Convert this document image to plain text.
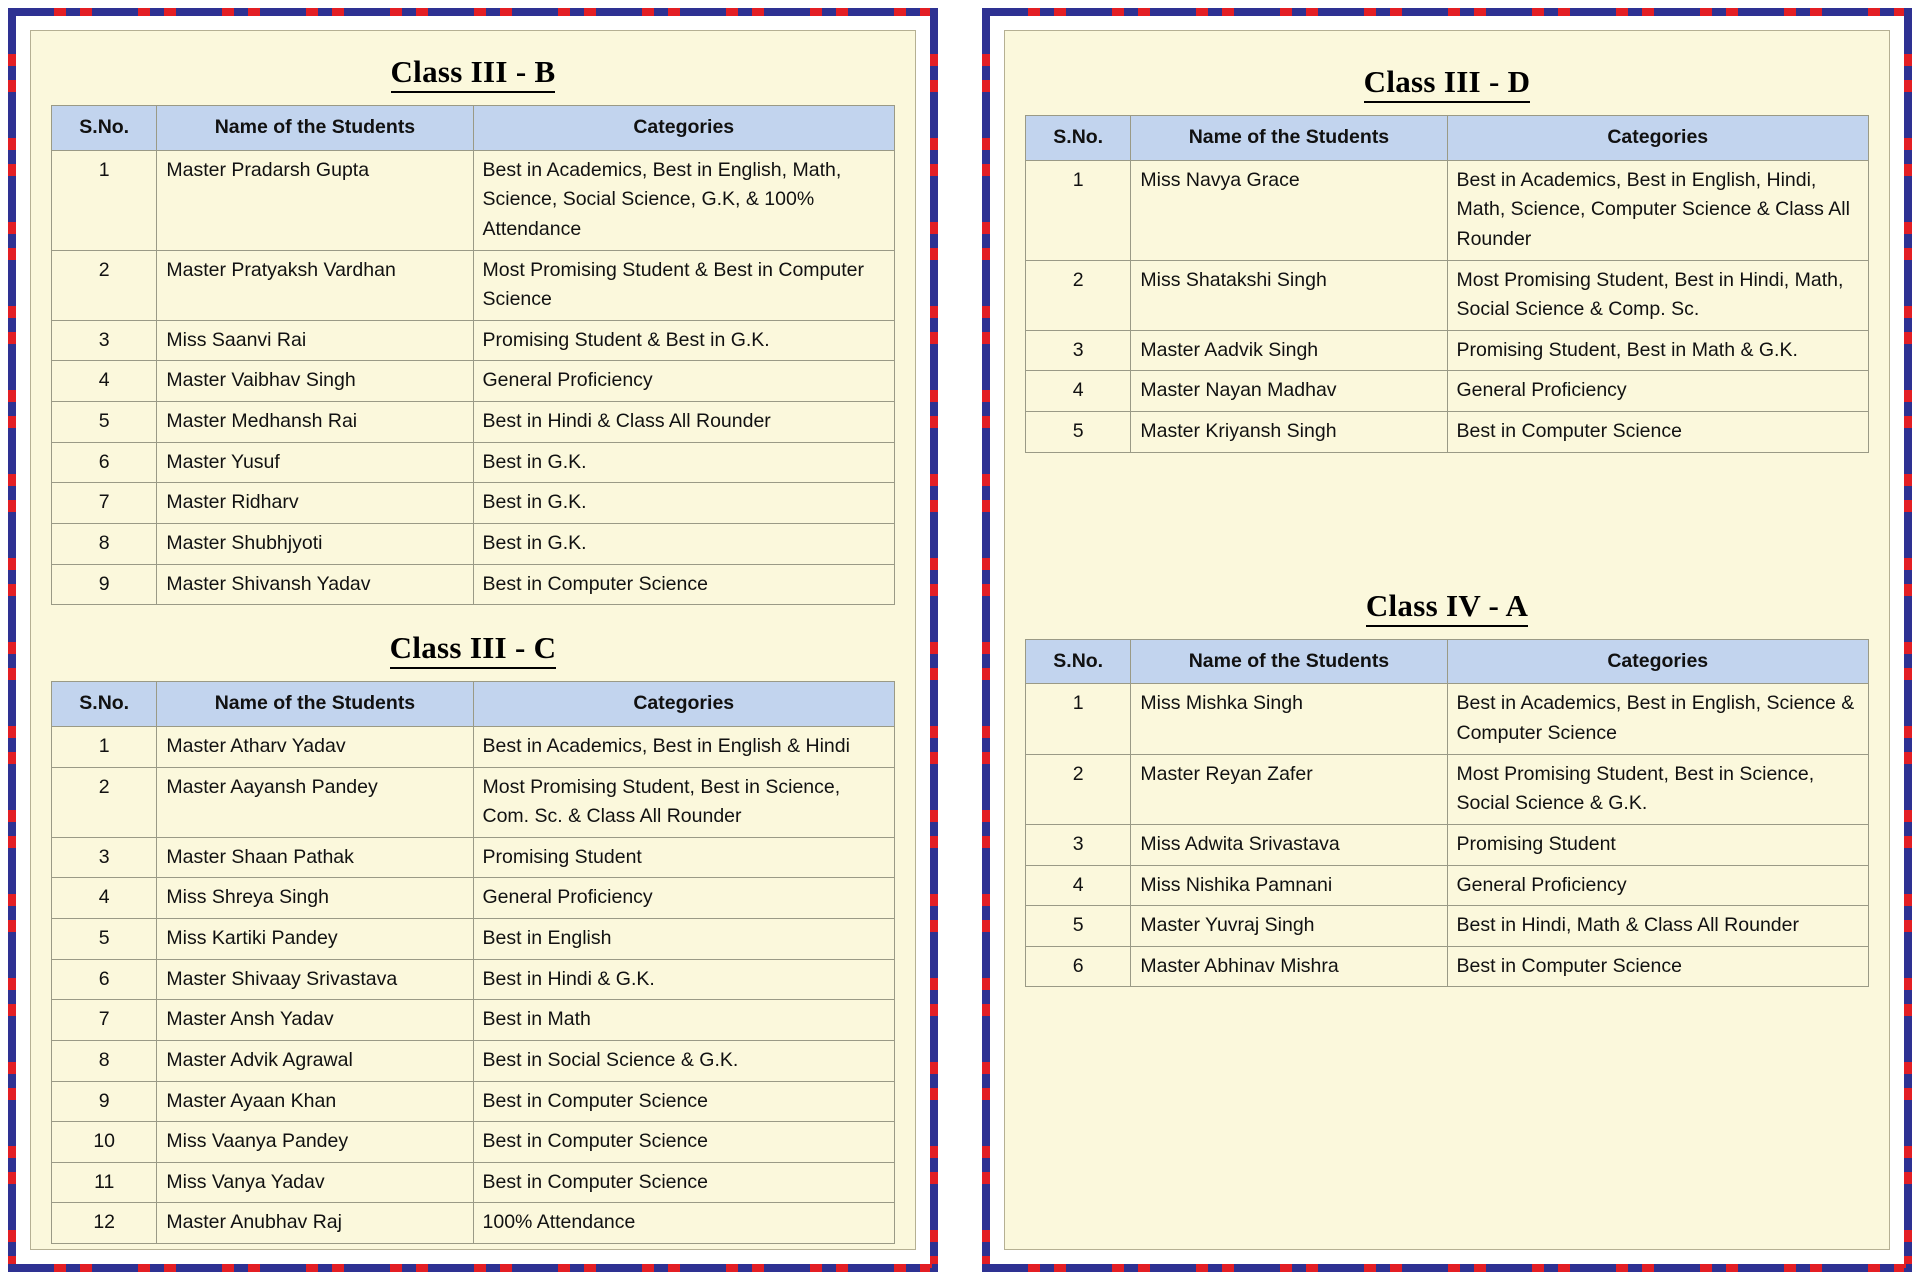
Class III - B
S.No.	Name of the Students	Categories
1	Master Pradarsh Gupta	Best in Academics, Best in English, Math, Science, Social Science, G.K, & 100% Attendance
2	Master Pratyaksh Vardhan	Most Promising Student & Best in Computer Science
3	Miss Saanvi Rai	Promising Student & Best in G.K.
4	Master Vaibhav Singh	General Proficiency
5	Master Medhansh Rai	Best in Hindi & Class All Rounder
6	Master Yusuf	Best in G.K.
7	Master Ridharv	Best in G.K.
8	Master Shubhjyoti	Best in G.K.
9	Master Shivansh Yadav	Best in Computer Science
Class III - C
S.No.	Name of the Students	Categories
1	Master Atharv Yadav	Best in Academics, Best in English & Hindi
2	Master Aayansh Pandey	Most Promising Student, Best in Science, Com. Sc. & Class All Rounder
3	Master Shaan Pathak	Promising Student
4	Miss Shreya Singh	General Proficiency
5	Miss Kartiki Pandey	Best in English
6	Master Shivaay Srivastava	Best in Hindi & G.K.
7	Master Ansh Yadav	Best in Math
8	Master Advik Agrawal	Best in Social Science & G.K.
9	Master Ayaan Khan	Best in Computer Science
10	Miss Vaanya Pandey	Best in Computer Science
11	Miss Vanya Yadav	Best in Computer Science
12	Master Anubhav Raj	100% Attendance
Class III - D
S.No.	Name of the Students	Categories
1	Miss Navya Grace	Best in Academics, Best in English, Hindi, Math, Science, Computer Science & Class All Rounder
2	Miss Shatakshi Singh	Most Promising Student, Best in Hindi, Math, Social Science & Comp. Sc.
3	Master Aadvik Singh	Promising Student, Best in Math & G.K.
4	Master Nayan Madhav	General Proficiency
5	Master Kriyansh Singh	Best in Computer Science
Class IV - A
S.No.	Name of the Students	Categories
1	Miss Mishka Singh	Best in Academics, Best in English, Science & Computer Science
2	Master Reyan Zafer	Most Promising Student, Best in Science, Social Science & G.K.
3	Miss Adwita Srivastava	Promising Student
4	Miss Nishika Pamnani	General Proficiency
5	Master Yuvraj Singh	Best in Hindi, Math & Class All Rounder
6	Master Abhinav Mishra	Best in Computer Science
